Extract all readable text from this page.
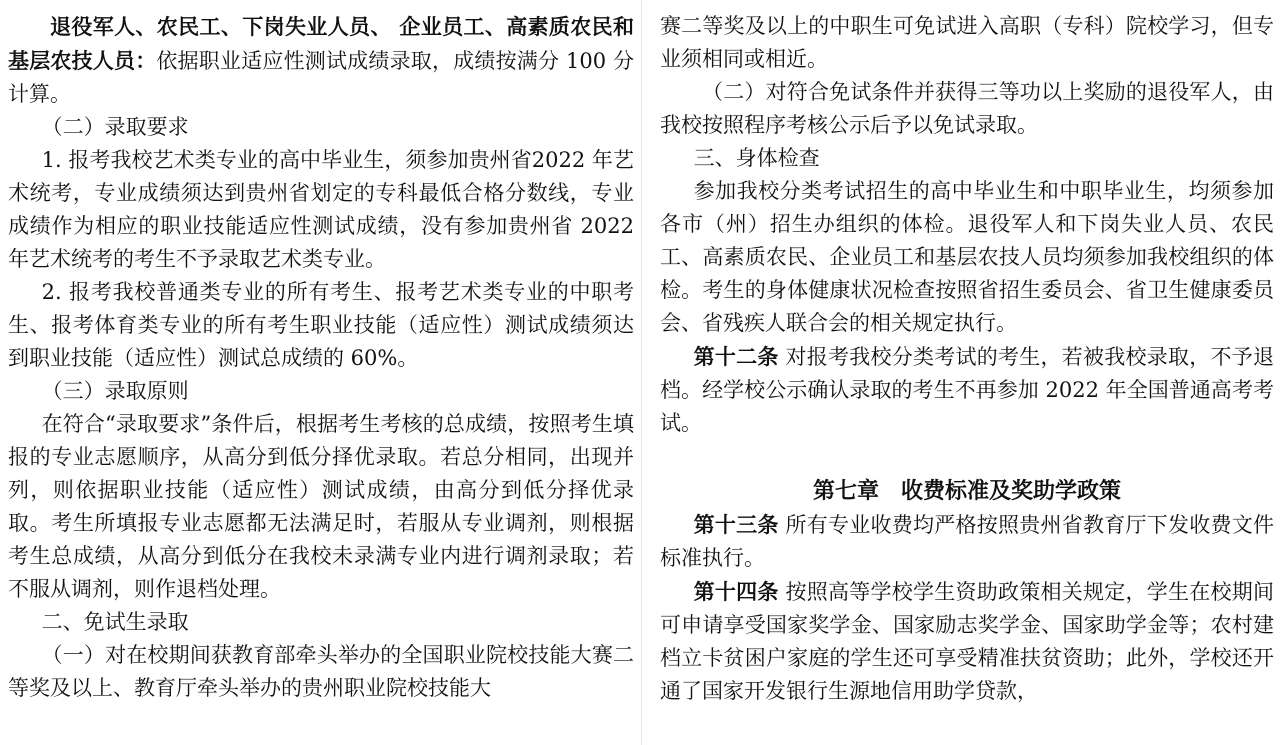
退役军人、农民工、下岗失业人员、 企业员工、高素质农民和基层农技人员：依据职业适应性测试成绩录取，成绩按满分 100 分计算。

（二）录取要求

1. 报考我校艺术类专业的高中毕业生，须参加贵州省2022 年艺术统考，专业成绩须达到贵州省划定的专科最低合格分数线，专业成绩作为相应的职业技能适应性测试成绩，没有参加贵州省 2022 年艺术统考的考生不予录取艺术类专业。

2. 报考我校普通类专业的所有考生、报考艺术类专业的中职考生、报考体育类专业的所有考生职业技能（适应性）测试成绩须达到职业技能（适应性）测试总成绩的 60%。

（三）录取原则

在符合“录取要求”条件后，根据考生考核的总成绩，按照考生填报的专业志愿顺序，从高分到低分择优录取。若总分相同，出现并列，则依据职业技能（适应性）测试成绩，由高分到低分择优录取。考生所填报专业志愿都无法满足时，若服从专业调剂，则根据考生总成绩，从高分到低分在我校未录满专业内进行调剂录取；若不服从调剂，则作退档处理。

二、免试生录取

（一）对在校期间获教育部牵头举办的全国职业院校技能大赛二等奖及以上、教育厅牵头举办的贵州职业院校技能大

赛二等奖及以上的中职生可免试进入高职（专科）院校学习，但专业须相同或相近。

（二）对符合免试条件并获得三等功以上奖励的退役军人，由我校按照程序考核公示后予以免试录取。

三、身体检查

参加我校分类考试招生的高中毕业生和中职毕业生，均须参加各市（州）招生办组织的体检。退役军人和下岗失业人员、农民工、高素质农民、企业员工和基层农技人员均须参加我校组织的体检。考生的身体健康状况检查按照省招生委员会、省卫生健康委员会、省残疾人联合会的相关规定执行。

第十二条 对报考我校分类考试的考生，若被我校录取，不予退档。经学校公示确认录取的考生不再参加 2022 年全国普通高考考试。

第七章　收费标准及奖助学政策

第十三条 所有专业收费均严格按照贵州省教育厅下发收费文件标准执行。

第十四条 按照高等学校学生资助政策相关规定，学生在校期间可申请享受国家奖学金、国家励志奖学金、国家助学金等；农村建档立卡贫困户家庭的学生还可享受精准扶贫资助；此外，学校还开通了国家开发银行生源地信用助学贷款，
